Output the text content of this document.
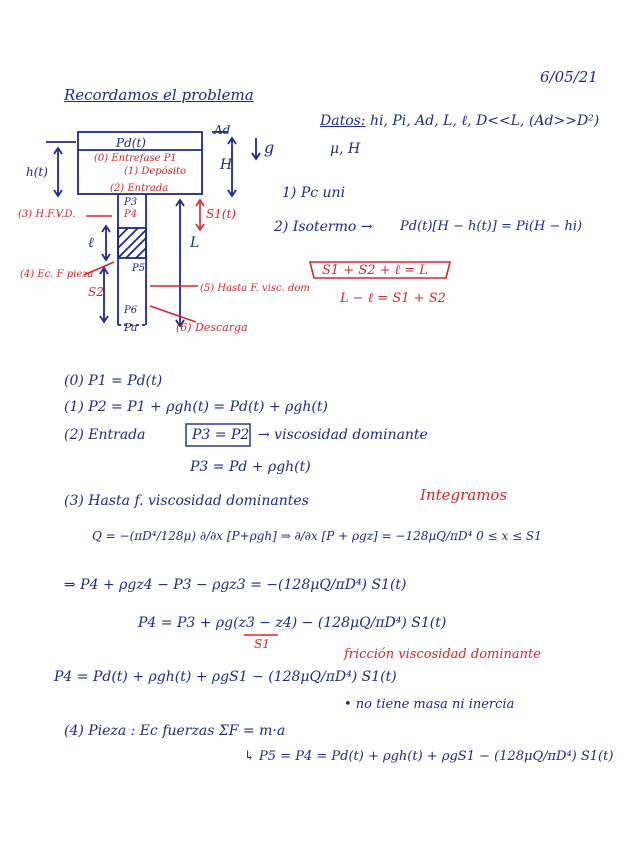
6/05/21
Recordamos el problema
Pd(t)
Ad
g
h(t)	H
L
ℓ
S1(t)
S2
(0) Entrefase P1
(1) Depósito
(2) Entrada
(3) H.F.V.D.
(4) Ec. F pieza
(5) Hasta F. visc. dom
(6) Descarga
P3
P4
P5
P6
Pa
Datos: hi, Pi, Ad, L, ℓ, D<<L, (Ad>>D²)
μ, H
1) Pc uni
2) Isotermo → Pd(t)[H − h(t)] = Pi(H − hi)
S1 + S2 + ℓ = L
L − ℓ = S1 + S2
(0) P1 = Pd(t)
(1) P2 = P1 + ρgh(t) = Pd(t) + ρgh(t)
(2) Entrada	P3 = P2 → viscosidad dominante
P3 = Pd + ρgh(t)
(3) Hasta f. viscosidad dominantes	Integramos
Q = −(πD⁴/128μ) ∂/∂x [P+ρgh] ⇒ ∂/∂x [P + ρgz] = −128μQ/πD⁴ 0 ≤ x ≤ S1
⇒ P4 + ρgz4 − P3 − ρgz3 = −(128μQ/πD⁴) S1(t)
P4 = P3 + ρg(z3 − z4) − (128μQ/πD⁴) S1(t)
S1
fricción viscosidad dominante
P4 = Pd(t) + ρgh(t) + ρgS1 − (128μQ/πD⁴) S1(t)
• no tiene masa ni inercia
(4) Pieza : Ec fuerzas ΣF = m·a
↳ P5 = P4 = Pd(t) + ρgh(t) + ρgS1 − (128μQ/πD⁴) S1(t)
